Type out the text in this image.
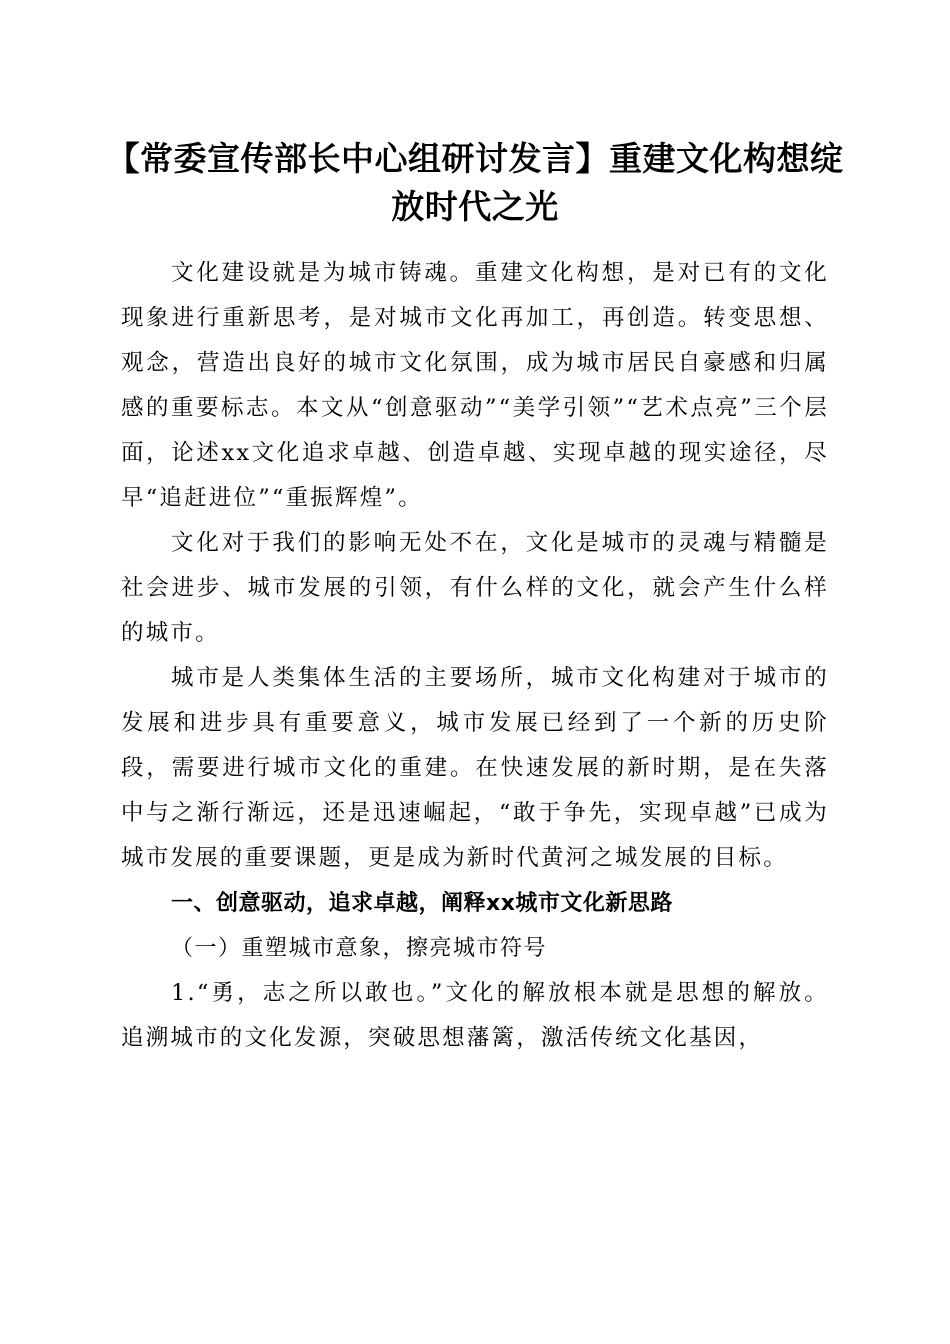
【常委宣传部长中心组研讨发言】重建文化构想绽放时代之光

文化建设就是为城市铸魂。重建文化构想，是对已有的文化现象进行重新思考，是对城市文化再加工，再创造。转变思想、观念，营造出良好的城市文化氛围，成为城市居民自豪感和归属感的重要标志。本文从“创意驱动”“美学引领”“艺术点亮”三个层面，论述xx文化追求卓越、创造卓越、实现卓越的现实途径，尽早“追赶进位”“重振辉煌”。

文化对于我们的影响无处不在，文化是城市的灵魂与精髓是社会进步、城市发展的引领，有什么样的文化，就会产生什么样的城市。

城市是人类集体生活的主要场所，城市文化构建对于城市的发展和进步具有重要意义，城市发展已经到了一个新的历史阶段，需要进行城市文化的重建。在快速发展的新时期，是在失落中与之渐行渐远，还是迅速崛起，“敢于争先，实现卓越”已成为城市发展的重要课题，更是成为新时代黄河之城发展的目标。

一、创意驱动，追求卓越，阐释xx城市文化新思路

（一）重塑城市意象，擦亮城市符号

1.“勇，志之所以敢也。”文化的解放根本就是思想的解放。追溯城市的文化发源，突破思想藩篱，激活传统文化基因，
